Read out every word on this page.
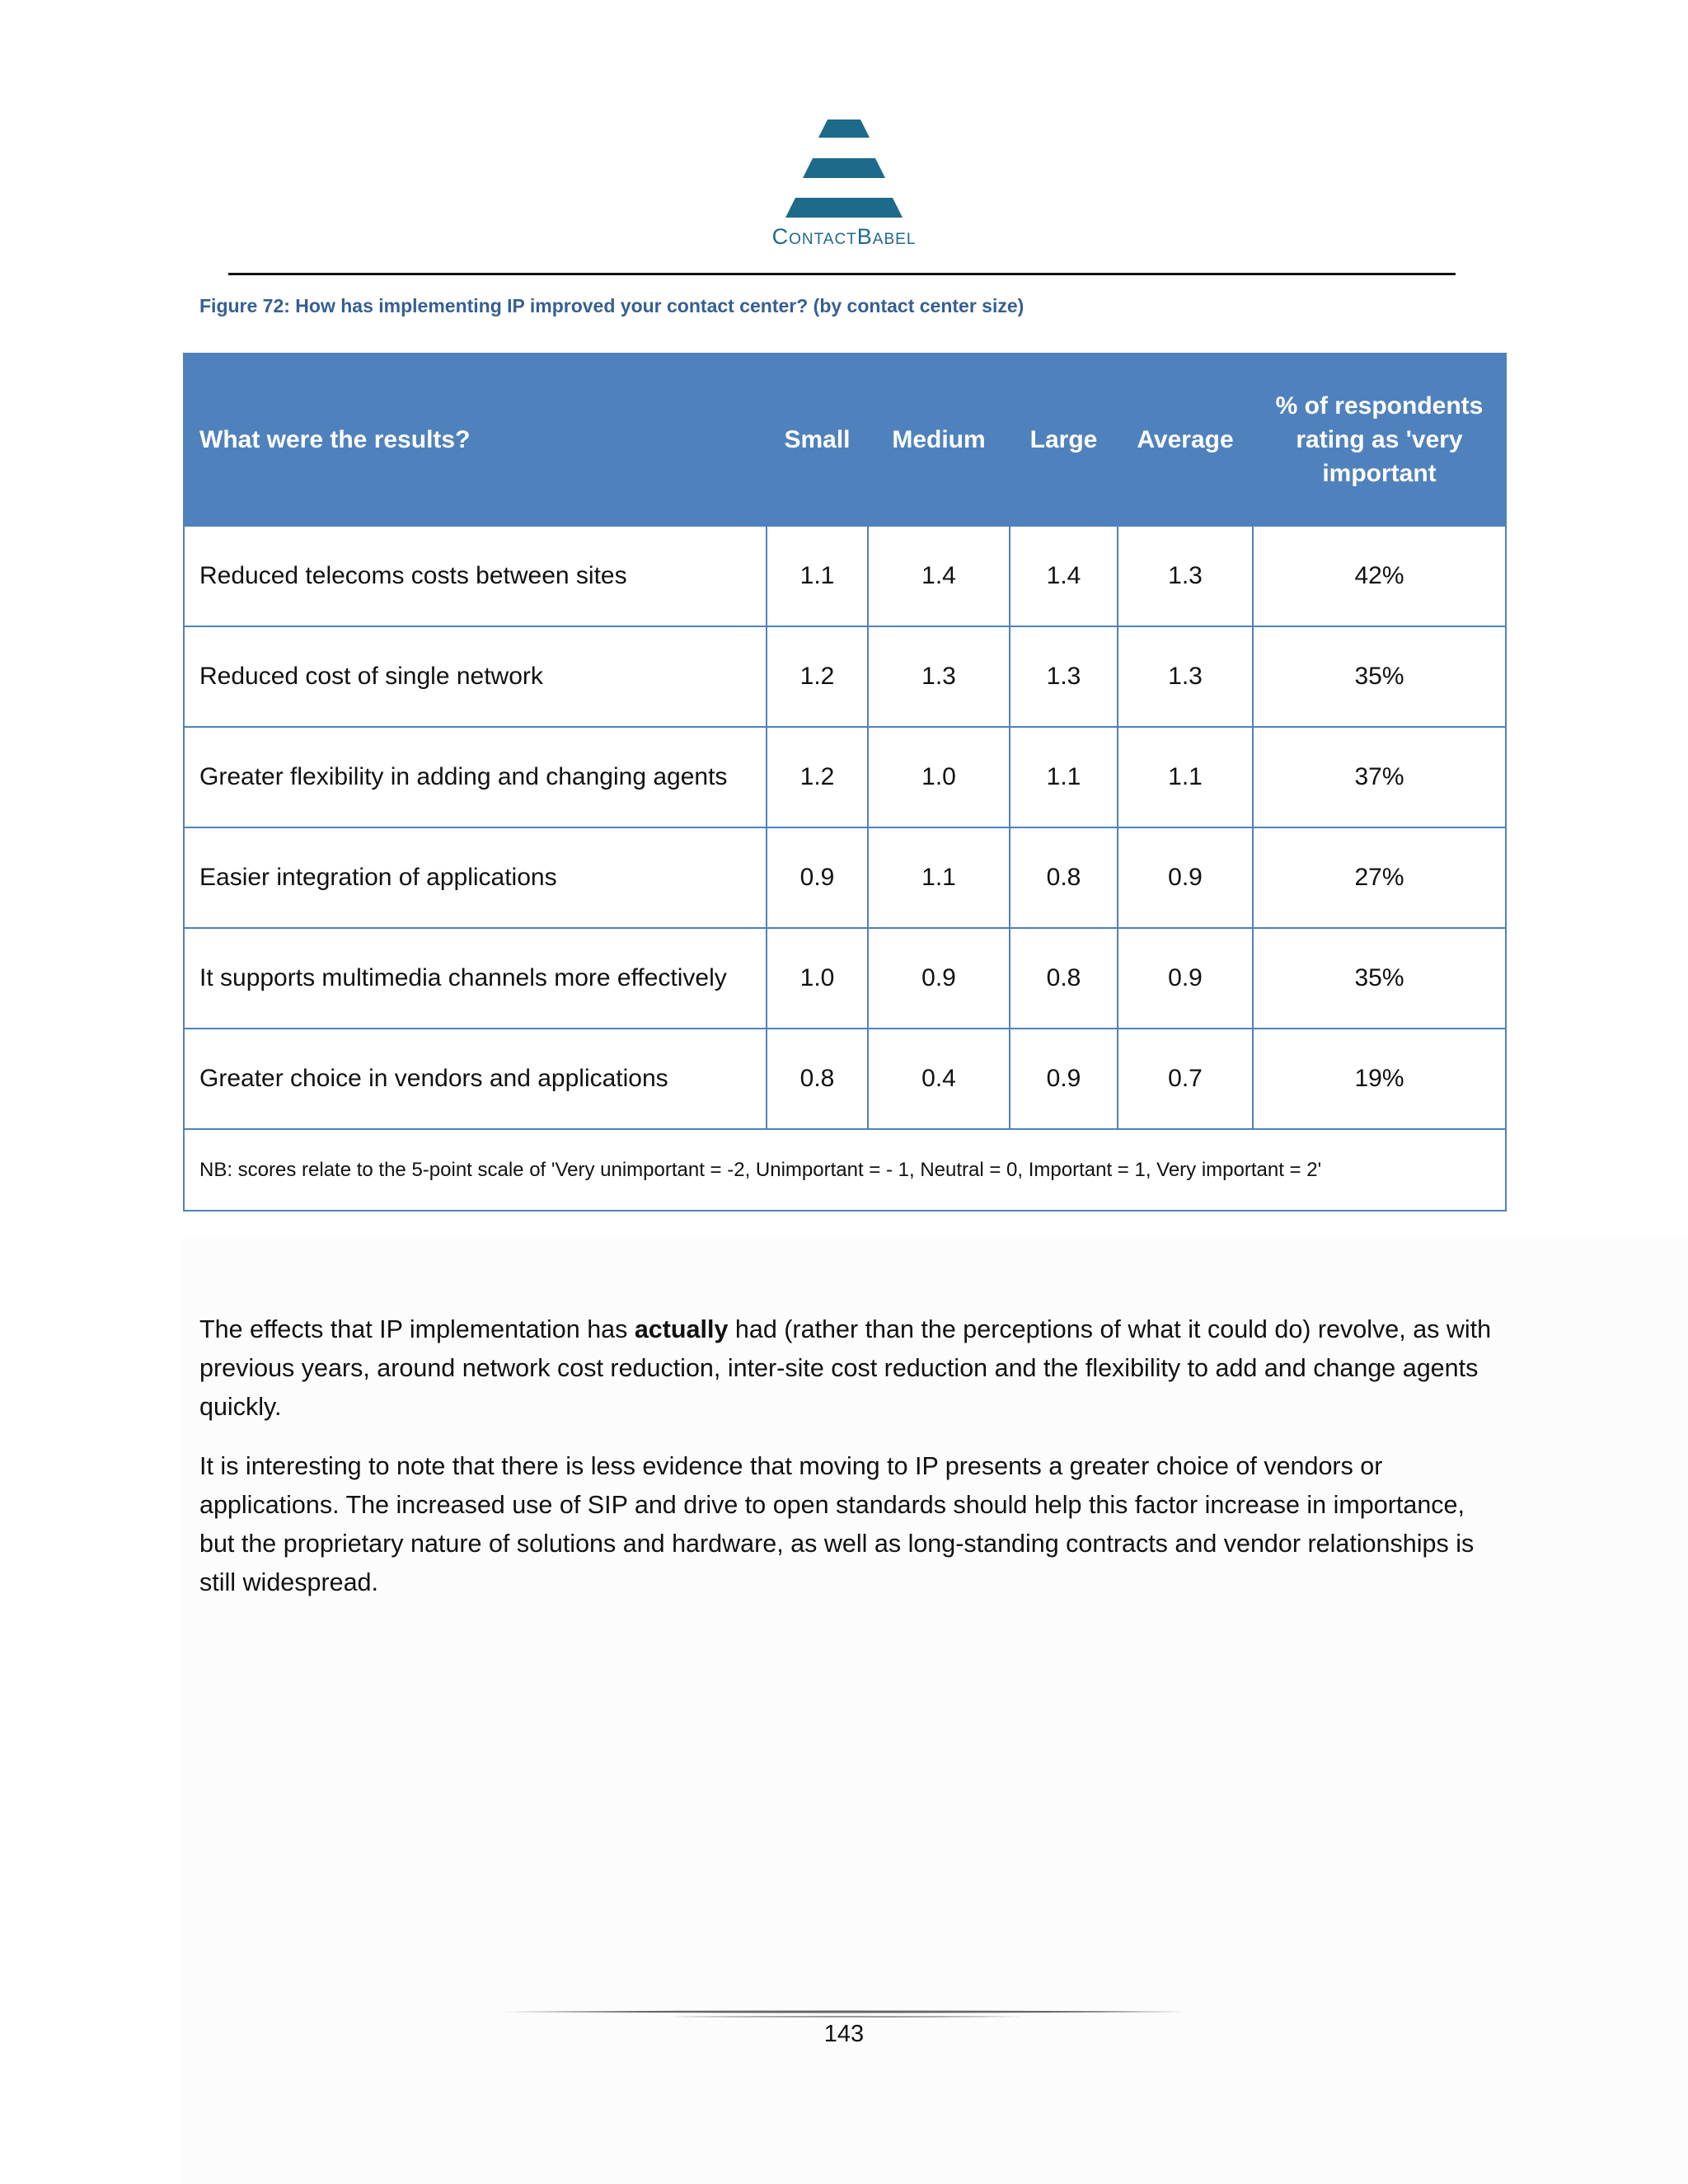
ContactBabel
Figure 72: How has implementing IP improved your contact center? (by contact center size)
What were the results?	Small	Medium	Large	Average	% of respondents rating as 'very important
Reduced telecoms costs between sites	1.1	1.4	1.4	1.3	42%
Reduced cost of single network	1.2	1.3	1.3	1.3	35%
Greater flexibility in adding and changing agents	1.2	1.0	1.1	1.1	37%
Easier integration of applications	0.9	1.1	0.8	0.9	27%
It supports multimedia channels more effectively	1.0	0.9	0.8	0.9	35%
Greater choice in vendors and applications	0.8	0.4	0.9	0.7	19%
NB: scores relate to the 5-point scale of 'Very unimportant = -2, Unimportant = - 1, Neutral = 0, Important = 1, Very important = 2'					

The effects that IP implementation has actually had (rather than the perceptions of what it could do) revolve, as with previous years, around network cost reduction, inter-site cost reduction and the flexibility to add and change agents quickly.

It is interesting to note that there is less evidence that moving to IP presents a greater choice of vendors or applications. The increased use of SIP and drive to open standards should help this factor increase in importance, but the proprietary nature of solutions and hardware, as well as long-standing contracts and vendor relationships is still widespread.

143
